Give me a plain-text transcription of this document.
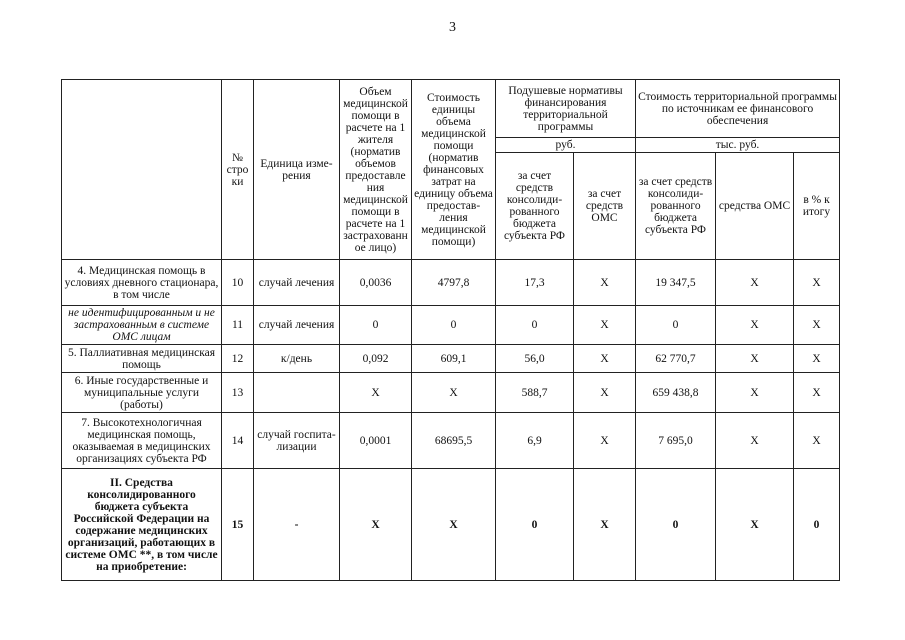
3
	№ стро ки	Единица изме- рения	Объем медицинской помощи в расчете на 1 жителя (норматив объемов предоставле ния медицинской помощи в расчете на 1 застрахованн ое лицо)	Стоимость единицы объема медицинской помощи (норматив финансовых затрат на единицу объема предостав- ления медицинской помощи)	Подушевые нормативы финансирования территориальной программы		Стоимость территориальной программы по источникам ее финансового обеспечения		
					руб.		тыс. руб.		
					за счет средств консолиди- рованного бюджета субъекта РФ	за счет средств ОМС	за счет средств консолиди- рованного бюджета субъекта РФ	средства ОМС	в % к итогу
4. Медицинская помощь в условиях дневного стационара, в том числе	10	случай лечения	0,0036	4797,8	17,3	Х	19 347,5	Х	Х
не идентифицированным и не застрахованным в системе ОМС лицам	11	случай лечения	0	0	0	Х	0	Х	Х
5. Паллиативная медицинская помощь	12	к/день	0,092	609,1	56,0	Х	62 770,7	Х	Х
6. Иные государственные и муниципальные услуги (работы)	13		Х	Х	588,7	Х	659 438,8	Х	Х
7. Высокотехнологичная медицинская помощь, оказываемая в медицинских организациях субъекта РФ	14	случай госпита- лизации	0,0001	68695,5	6,9	Х	7 695,0	Х	Х
II. Средства консолидированного бюджета субъекта Российской Федерации на содержание медицинских организаций, работающих в системе ОМС **, в том числе на приобретение:	15	-	Х	Х	0	Х	0	Х	0
